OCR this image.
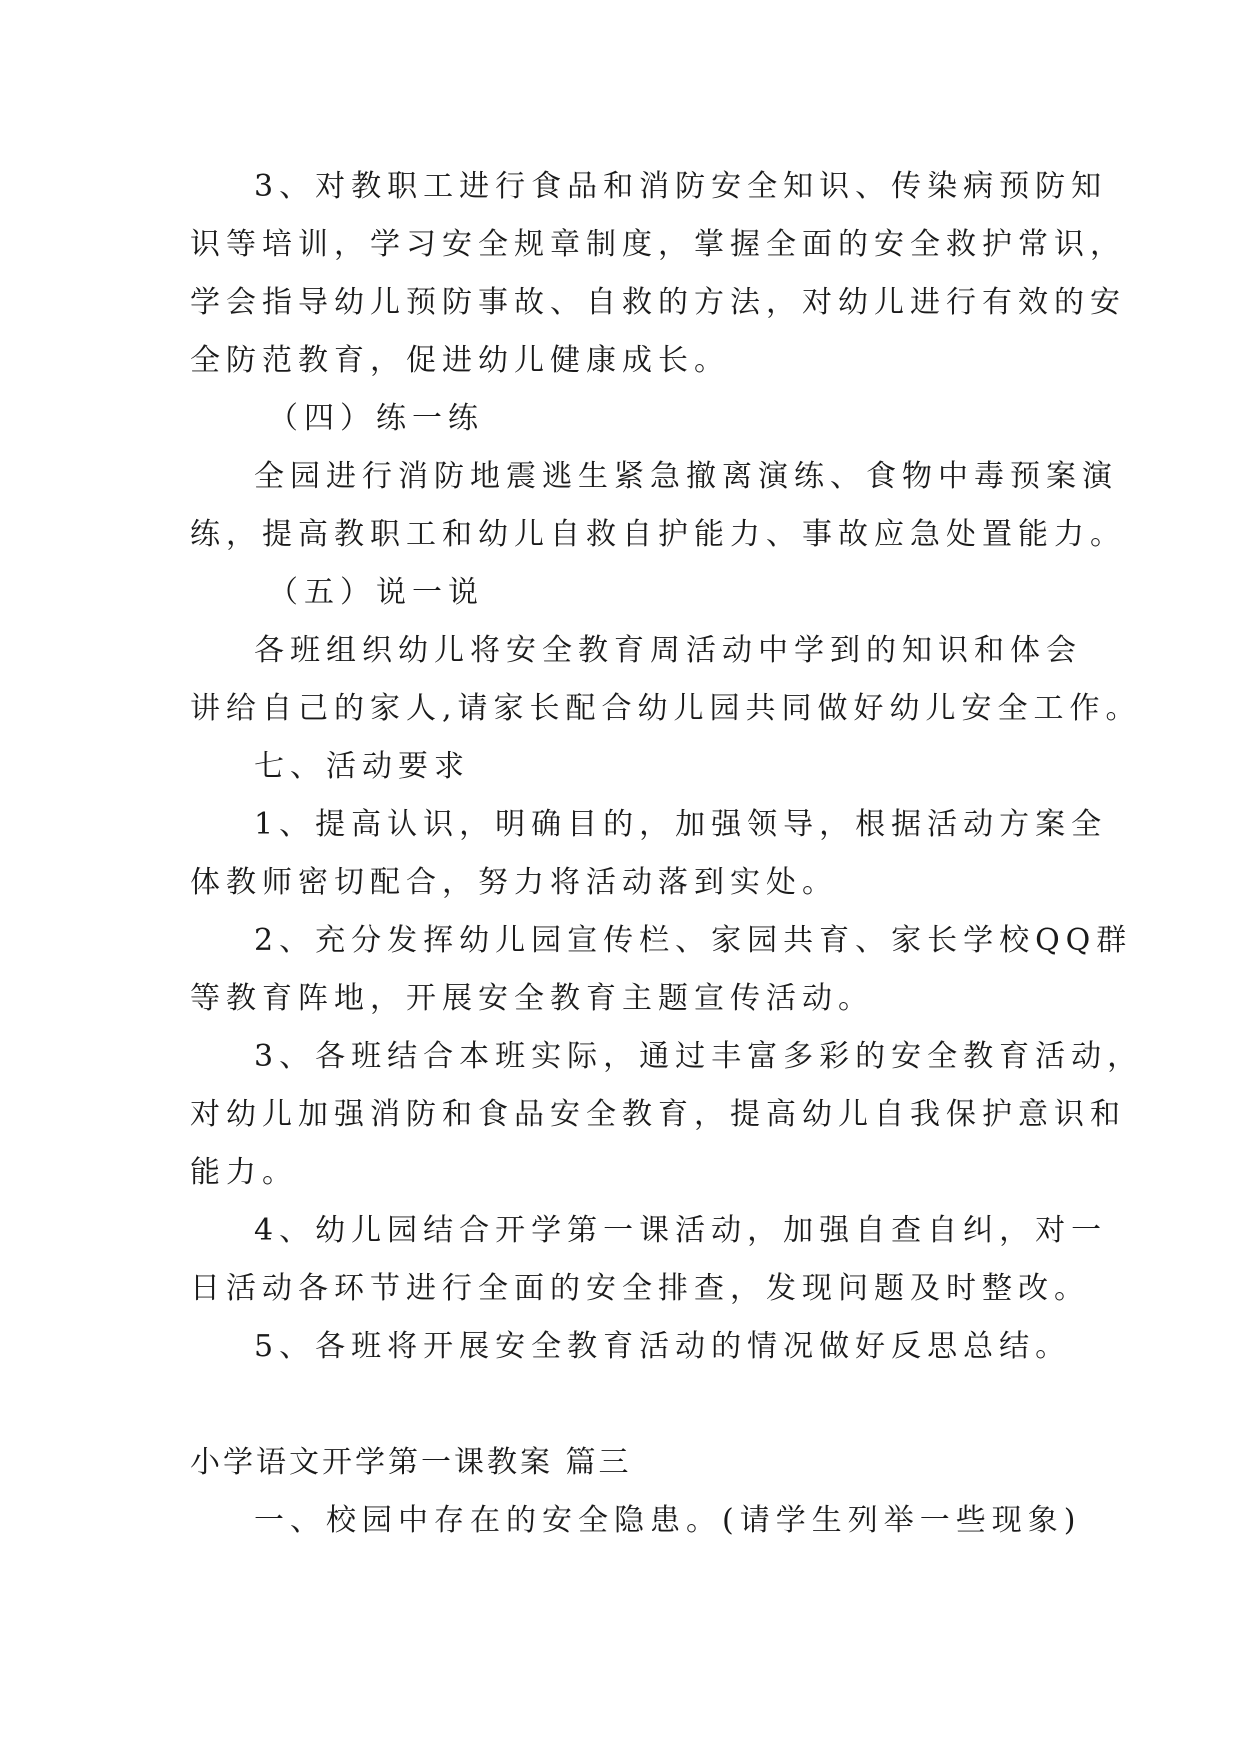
3、对教职工进行食品和消防安全知识、传染病预防知
识等培训，学习安全规章制度，掌握全面的安全救护常识，
学会指导幼儿预防事故、自救的方法，对幼儿进行有效的安
全防范教育，促进幼儿健康成长。
（四）练一练
全园进行消防地震逃生紧急撤离演练、食物中毒预案演
练，提高教职工和幼儿自救自护能力、事故应急处置能力。
（五）说一说
各班组织幼儿将安全教育周活动中学到的知识和体会
讲给自己的家人,请家长配合幼儿园共同做好幼儿安全工作。
七、活动要求
1、提高认识，明确目的，加强领导，根据活动方案全
体教师密切配合，努力将活动落到实处。
2、充分发挥幼儿园宣传栏、家园共育、家长学校QQ群
等教育阵地，开展安全教育主题宣传活动。
3、各班结合本班实际，通过丰富多彩的安全教育活动，
对幼儿加强消防和食品安全教育，提高幼儿自我保护意识和
能力。
4、幼儿园结合开学第一课活动，加强自查自纠，对一
日活动各环节进行全面的安全排查，发现问题及时整改。
5、各班将开展安全教育活动的情况做好反思总结。
小学语文开学第一课教案 篇三
一、校园中存在的安全隐患。(请学生列举一些现象)
